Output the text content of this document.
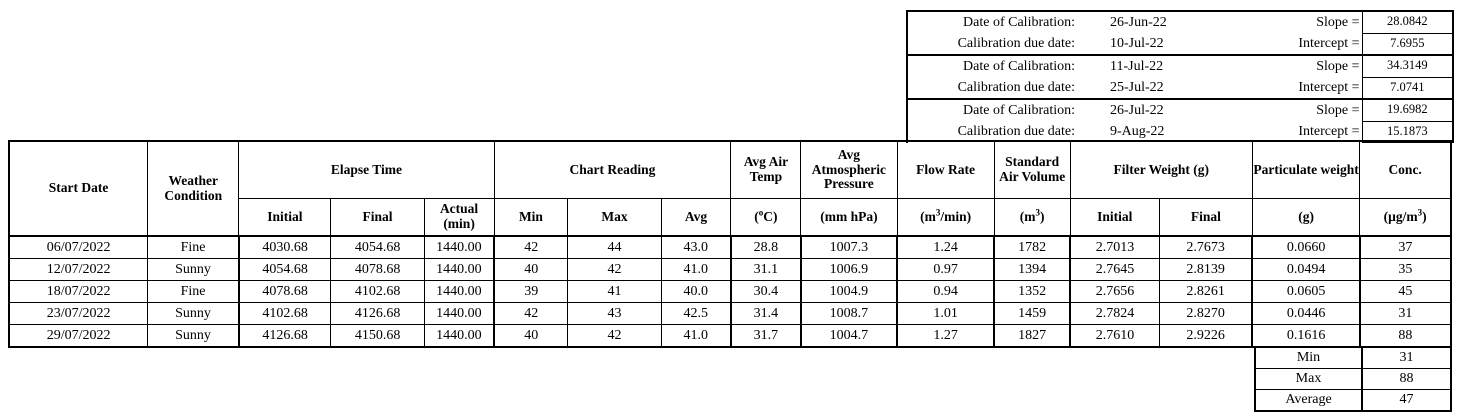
Date of Calibration:	26-Jun-22	Slope =	28.0842
Calibration due date:	10-Jul-22	Intercept =	7.6955
Date of Calibration:	11-Jul-22	Slope =	34.3149
Calibration due date:	25-Jul-22	Intercept =	7.0741
Date of Calibration:	26-Jul-22	Slope =	19.6982
Calibration due date:	9-Aug-22	Intercept =	15.1873
Start Date	Weather Condition	Elapse Time			Chart Reading			Avg Air Temp	Avg Atmospheric Pressure	Flow Rate	Standard Air Volume	Filter Weight (g)		Particulate weight	Conc.
		Initial	Final	Actual (min)	Min	Max	Avg	($^o$C)	(mm hPa)	$(m^3/\min)$	$(m^3)$	Initial	Final	(g)	$(\mu g/m^3)$
06/07/2022	Fine	4030.68	4054.68	1440.00	42	44	43.0	28.8	1007.3	1.24	1782	2.7013	2.7673	0.0660	37
12/07/2022	Sunny	4054.68	4078.68	1440.00	40	42	41.0	31.1	1006.9	0.97	1394	2.7645	2.8139	0.0494	35
18/07/2022	Fine	4078.68	4102.68	1440.00	39	41	40.0	30.4	1004.9	0.94	1352	2.7656	2.8261	0.0605	45
23/07/2022	Sunny	4102.68	4126.68	1440.00	42	43	42.5	31.4	1008.7	1.01	1459	2.7824	2.8270	0.0446	31
29/07/2022	Sunny	4126.68	4150.68	1440.00	40	42	41.0	31.7	1004.7	1.27	1827	2.7610	2.9226	0.1616	88
Min	31
Max	88
Average	47
